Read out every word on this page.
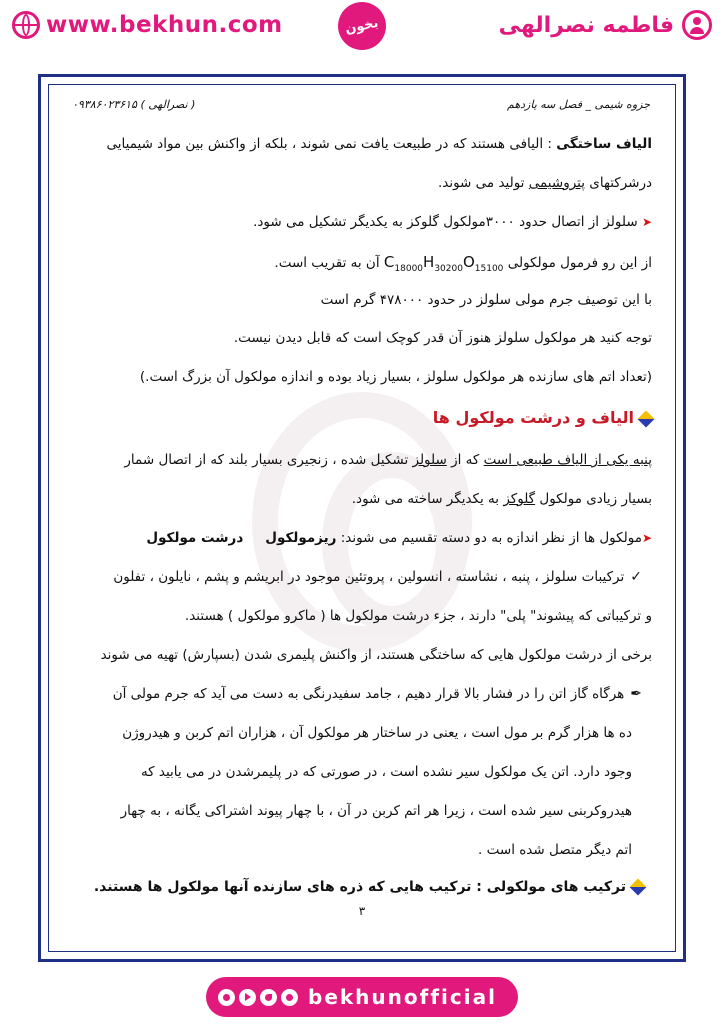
www.bekhun.com	بخون	فاطمه نصرالهی
جزوه شیمی _ فصل سه یازدهم
( نصرالهی ) ۰۹۳۸۶۰۲۳۶۱۵
الیاف ساختگی : الیافی هستند که در طبیعت یافت نمی شوند ، بلکه از واکنش بین مواد شیمیایی
درشرکتهای پتروشیمی تولید می شوند.
➤ سلولز از اتصال حدود ۳۰۰۰مولکول گلوکز به یکدیگر تشکیل می شود.
از این رو فرمول مولکولی $C_{18000}H_{30200}O_{15100}$ آن به تقریب است.
با این توصیف جرم مولی سلولز در حدود ۴۷۸۰۰۰ گرم است
توجه کنید هر مولکول سلولز هنوز آن قدر کوچک است که قابل دیدن نیست.
(تعداد اتم های سازنده هر مولکول سلولز ، بسیار زیاد بوده و اندازه مولکول آن بزرگ است.)
الیاف و درشت مولکول ها
پنبه یکی از الیاف طبیعی است که از سلولز تشکیل شده ، زنجیری بسیار بلند که از اتصال شمار
بسیار زیادی مولکول گلوکز به یکدیگر ساخته می شود.
➤مولکول ها از نظر اندازه به دو دسته تقسیم می شوند: ریزمولکولدرشت مولکول
✓ترکیبات سلولز ، پنبه ، نشاسته ، انسولین ، پروتئین موجود در ابریشم و پشم ، نایلون ، تفلون
و ترکیباتی که پیشوند" پلی" دارند ، جزء درشت مولکول ها ( ماکرو مولکول ) هستند.
برخی از درشت مولکول هایی که ساختگی هستند، از واکنش پلیمری شدن (بسپارش) تهیه می شوند
✒هرگاه گاز اتن را در فشار بالا قرار دهیم ، جامد سفیدرنگی به دست می آید که جرم مولی آن
ده ها هزار گرم بر مول است ، یعنی در ساختار هر مولکول آن ، هزاران اتم کربن و هیدروژن
وجود دارد. اتن یک مولکول سیر نشده است ، در صورتی که در پلیمرشدن در می یابید که
هیدروکربنی سیر شده است ، زیرا هر اتم کربن در آن ، با چهار پیوند اشتراکی یگانه ، به چهار
اتم دیگر متصل شده است .
ترکیب های مولکولی : ترکیب هایی که ذره های سازنده آنها مولکول ها هستند.
۳
bekhunofficial
